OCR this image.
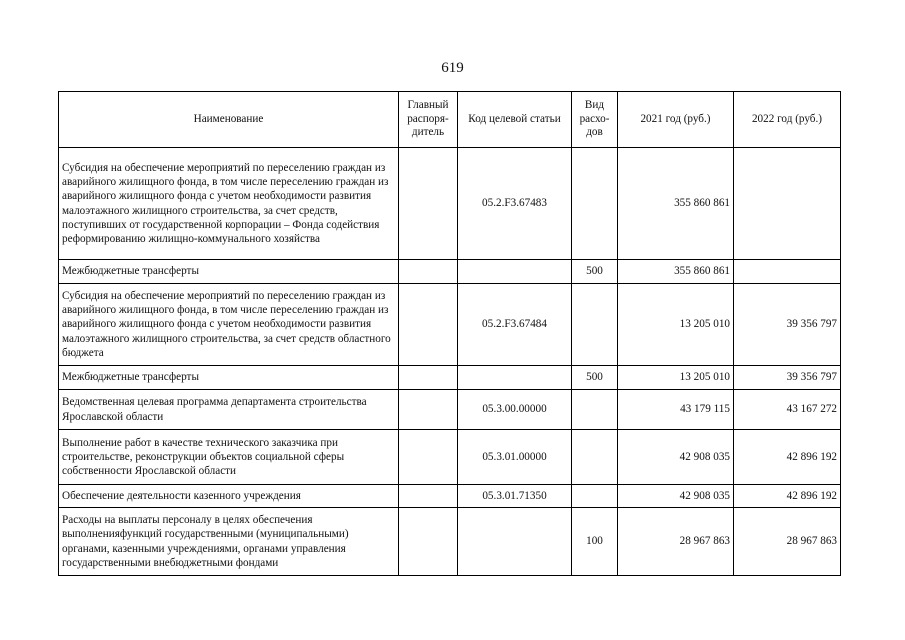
619
Наименование	Главный распоря-дитель	Код целевой статьи	Вид расхо-дов	2021 год (руб.)	2022 год (руб.)
Субсидия на обеспечение мероприятий по переселению граждан из аварийного жилищного фонда, в том числе переселению граждан из аварийного жилищного фонда с учетом необходимости развития малоэтажного жилищного строительства, за счет средств, поступивших от государственной корпорации – Фонда содействия реформированию жилищно-коммунального хозяйства		05.2.F3.67483		355 860 861	
Межбюджетные трансферты			500	355 860 861	
Субсидия на обеспечение мероприятий по переселению граждан из аварийного жилищного фонда, в том числе переселению граждан из аварийного жилищного фонда с учетом необходимости развития малоэтажного жилищного строительства, за счет средств областного бюджета		05.2.F3.67484		13 205 010	39 356 797
Межбюджетные трансферты			500	13 205 010	39 356 797
Ведомственная целевая программа департамента строительства Ярославской области		05.3.00.00000		43 179 115	43 167 272
Выполнение работ в качестве технического заказчика при строительстве, реконструкции объектов социальной сферы собственности Ярославской области		05.3.01.00000		42 908 035	42 896 192
Обеспечение деятельности казенного учреждения		05.3.01.71350		42 908 035	42 896 192
Расходы на выплаты персоналу в целях обеспечения выполненияфункций государственными (муниципальными) органами, казенными учреждениями, органами управления государственными внебюджетными фондами			100	28 967 863	28 967 863
